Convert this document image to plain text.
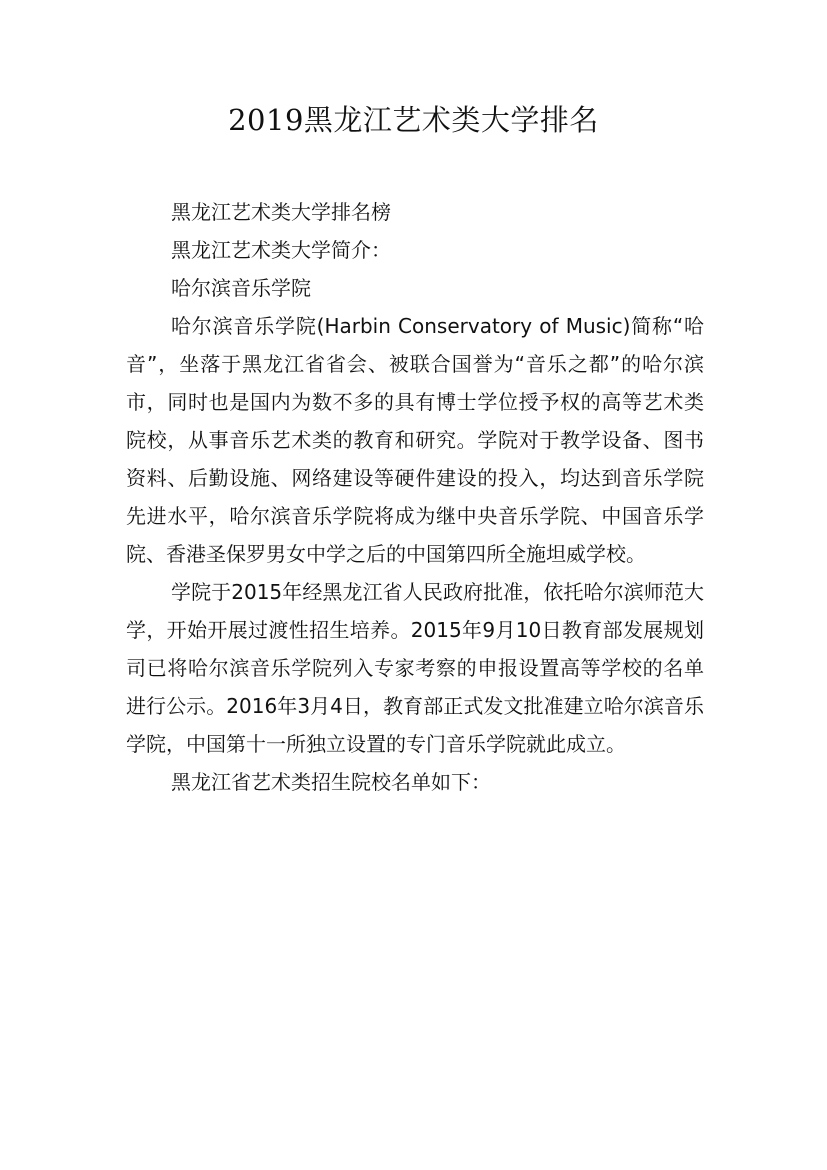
2019黑龙江艺术类大学排名

黑龙江艺术类大学排名榜

黑龙江艺术类大学简介：

哈尔滨音乐学院

哈尔滨音乐学院(Harbin Conservatory of Music)简称“哈音”，坐落于黑龙江省省会、被联合国誉为“音乐之都”的哈尔滨市，同时也是国内为数不多的具有博士学位授予权的高等艺术类院校，从事音乐艺术类的教育和研究。学院对于教学设备、图书资料、后勤设施、网络建设等硬件建设的投入，均达到音乐学院先进水平，哈尔滨音乐学院将成为继中央音乐学院、中国音乐学院、香港圣保罗男女中学之后的中国第四所全施坦威学校。

学院于2015年经黑龙江省人民政府批准，依托哈尔滨师范大学，开始开展过渡性招生培养。2015年9月10日教育部发展规划司已将哈尔滨音乐学院列入专家考察的申报设置高等学校的名单进行公示。2016年3月4日，教育部正式发文批准建立哈尔滨音乐学院，中国第十一所独立设置的专门音乐学院就此成立。

黑龙江省艺术类招生院校名单如下：
